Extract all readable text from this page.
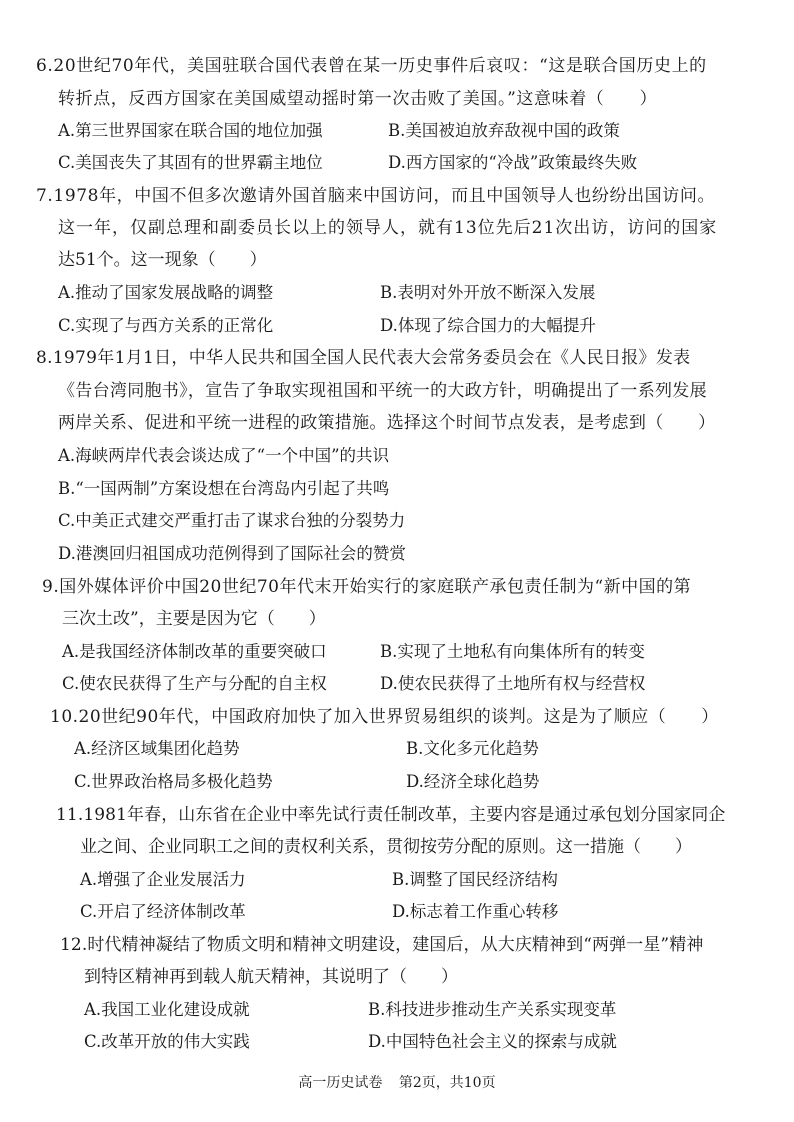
6.20世纪70年代，美国驻联合国代表曾在某一历史事件后哀叹：“这是联合国历史上的
转折点，反西方国家在美国威望动摇时第一次击败了美国。”这意味着（　　）
A.第三世界国家在联合国的地位加强	B.美国被迫放弃敌视中国的政策
C.美国丧失了其固有的世界霸主地位	D.西方国家的“冷战”政策最终失败
7.1978年，中国不但多次邀请外国首脑来中国访问，而且中国领导人也纷纷出国访问。
这一年，仅副总理和副委员长以上的领导人，就有13位先后21次出访，访问的国家
达51个。这一现象（　　）
A.推动了国家发展战略的调整	B.表明对外开放不断深入发展
C.实现了与西方关系的正常化	D.体现了综合国力的大幅提升
8.1979年1月1日，中华人民共和国全国人民代表大会常务委员会在《人民日报》发表
《告台湾同胞书》，宣告了争取实现祖国和平统一的大政方针，明确提出了一系列发展
两岸关系、促进和平统一进程的政策措施。选择这个时间节点发表，是考虑到（　　）
A.海峡两岸代表会谈达成了“一个中国”的共识
B.“一国两制”方案设想在台湾岛内引起了共鸣
C.中美正式建交严重打击了谋求台独的分裂势力
D.港澳回归祖国成功范例得到了国际社会的赞赏
9.国外媒体评价中国20世纪70年代末开始实行的家庭联产承包责任制为“新中国的第
三次土改”，主要是因为它（　　）
A.是我国经济体制改革的重要突破口	B.实现了土地私有向集体所有的转变
C.使农民获得了生产与分配的自主权	D.使农民获得了土地所有权与经营权
10.20世纪90年代，中国政府加快了加入世界贸易组织的谈判。这是为了顺应（　　）
A.经济区域集团化趋势	B.文化多元化趋势
C.世界政治格局多极化趋势	D.经济全球化趋势
11.1981年春，山东省在企业中率先试行责任制改革，主要内容是通过承包划分国家同企
业之间、企业同职工之间的责权利关系，贯彻按劳分配的原则。这一措施（　　）
A.增强了企业发展活力	B.调整了国民经济结构
C.开启了经济体制改革	D.标志着工作重心转移
12.时代精神凝结了物质文明和精神文明建设，建国后，从大庆精神到“两弹一星”精神
到特区精神再到载人航天精神，其说明了（　　）
A.我国工业化建设成就	B.科技进步推动生产关系实现变革
C.改革开放的伟大实践	D.中国特色社会主义的探索与成就
高一历史试卷 第2页，共10页
